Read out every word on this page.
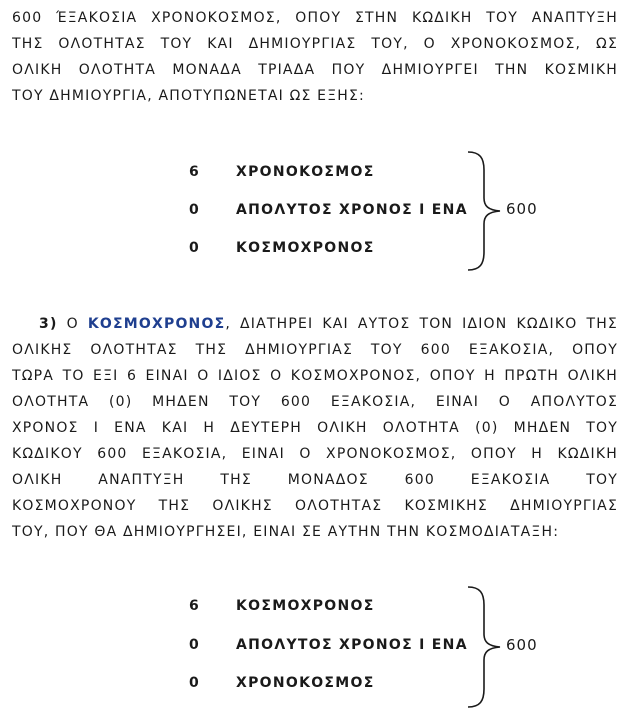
600 ΈΞΑΚΟΣΙΑ ΧΡΟΝΟΚΟΣΜΟΣ, ΟΠΟΥ ΣΤΗΝ ΚΩΔΙΚΗ ΤΟΥ ΑΝΑΠΤΥΞΗ
ΤΗΣ ΟΛΟΤΗΤΑΣ ΤΟΥ ΚΑΙ ΔΗΜΙΟΥΡΓΙΑΣ ΤΟΥ, Ο ΧΡΟΝΟΚΟΣΜΟΣ, ΩΣ
ΟΛΙΚΗ ΟΛΟΤΗΤΑ ΜΟΝΑΔΑ ΤΡΙΑΔΑ ΠΟΥ ΔΗΜΙΟΥΡΓΕΙ ΤΗΝ ΚΟΣΜΙΚΗ
ΤΟΥ ΔΗΜΙΟΥΡΓΙΑ, ΑΠΟΤΥΠΩΝΕΤΑΙ ΩΣ ΕΞΗΣ:
6	ΧΡΟΝΟΚΟΣΜΟΣ
0	ΑΠΟΛΥΤΟΣ ΧΡΟΝΟΣ Ι ΕΝΑ
0	ΚΟΣΜΟΧΡΟΝΟΣ
600
3) Ο ΚΟΣΜΟΧΡΟΝΟΣ, ΔΙΑΤΗΡΕΙ ΚΑΙ ΑΥΤΟΣ ΤΟΝ ΙΔΙΟΝ ΚΩΔΙΚΟ ΤΗΣ
ΟΛΙΚΗΣ ΟΛΟΤΗΤΑΣ ΤΗΣ ΔΗΜΙΟΥΡΓΙΑΣ ΤΟΥ 600 ΕΞΑΚΟΣΙΑ, ΟΠΟΥ
ΤΩΡΑ ΤΟ ΕΞΙ 6 ΕΙΝΑΙ Ο ΙΔΙΟΣ Ο ΚΟΣΜΟΧΡΟΝΟΣ, ΟΠΟΥ Η ΠΡΩΤΗ ΟΛΙΚΗ
ΟΛΟΤΗΤΑ (0) ΜΗΔΕΝ ΤΟΥ 600 ΕΞΑΚΟΣΙΑ, ΕΙΝΑΙ Ο ΑΠΟΛΥΤΟΣ
ΧΡΟΝΟΣ Ι ΕΝΑ ΚΑΙ Η ΔΕΥΤΕΡΗ ΟΛΙΚΗ ΟΛΟΤΗΤΑ (0) ΜΗΔΕΝ ΤΟΥ
ΚΩΔΙΚΟΥ 600 ΕΞΑΚΟΣΙΑ, ΕΙΝΑΙ Ο ΧΡΟΝΟΚΟΣΜΟΣ, ΟΠΟΥ Η ΚΩΔΙΚΗ
ΟΛΙΚΗ ΑΝΑΠΤΥΞΗ ΤΗΣ ΜΟΝΑΔΟΣ 600 ΕΞΑΚΟΣΙΑ ΤΟΥ
ΚΟΣΜΟΧΡΟΝΟΥ ΤΗΣ ΟΛΙΚΗΣ ΟΛΟΤΗΤΑΣ ΚΟΣΜΙΚΗΣ ΔΗΜΙΟΥΡΓΙΑΣ
ΤΟΥ, ΠΟΥ ΘΑ ΔΗΜΙΟΥΡΓΗΣΕΙ, ΕΙΝΑΙ ΣΕ ΑΥΤΗΝ ΤΗΝ ΚΟΣΜΟΔΙΑΤΑΞΗ:
6	ΚΟΣΜΟΧΡΟΝΟΣ
0	ΑΠΟΛΥΤΟΣ ΧΡΟΝΟΣ Ι ΕΝΑ
0	ΧΡΟΝΟΚΟΣΜΟΣ
600
